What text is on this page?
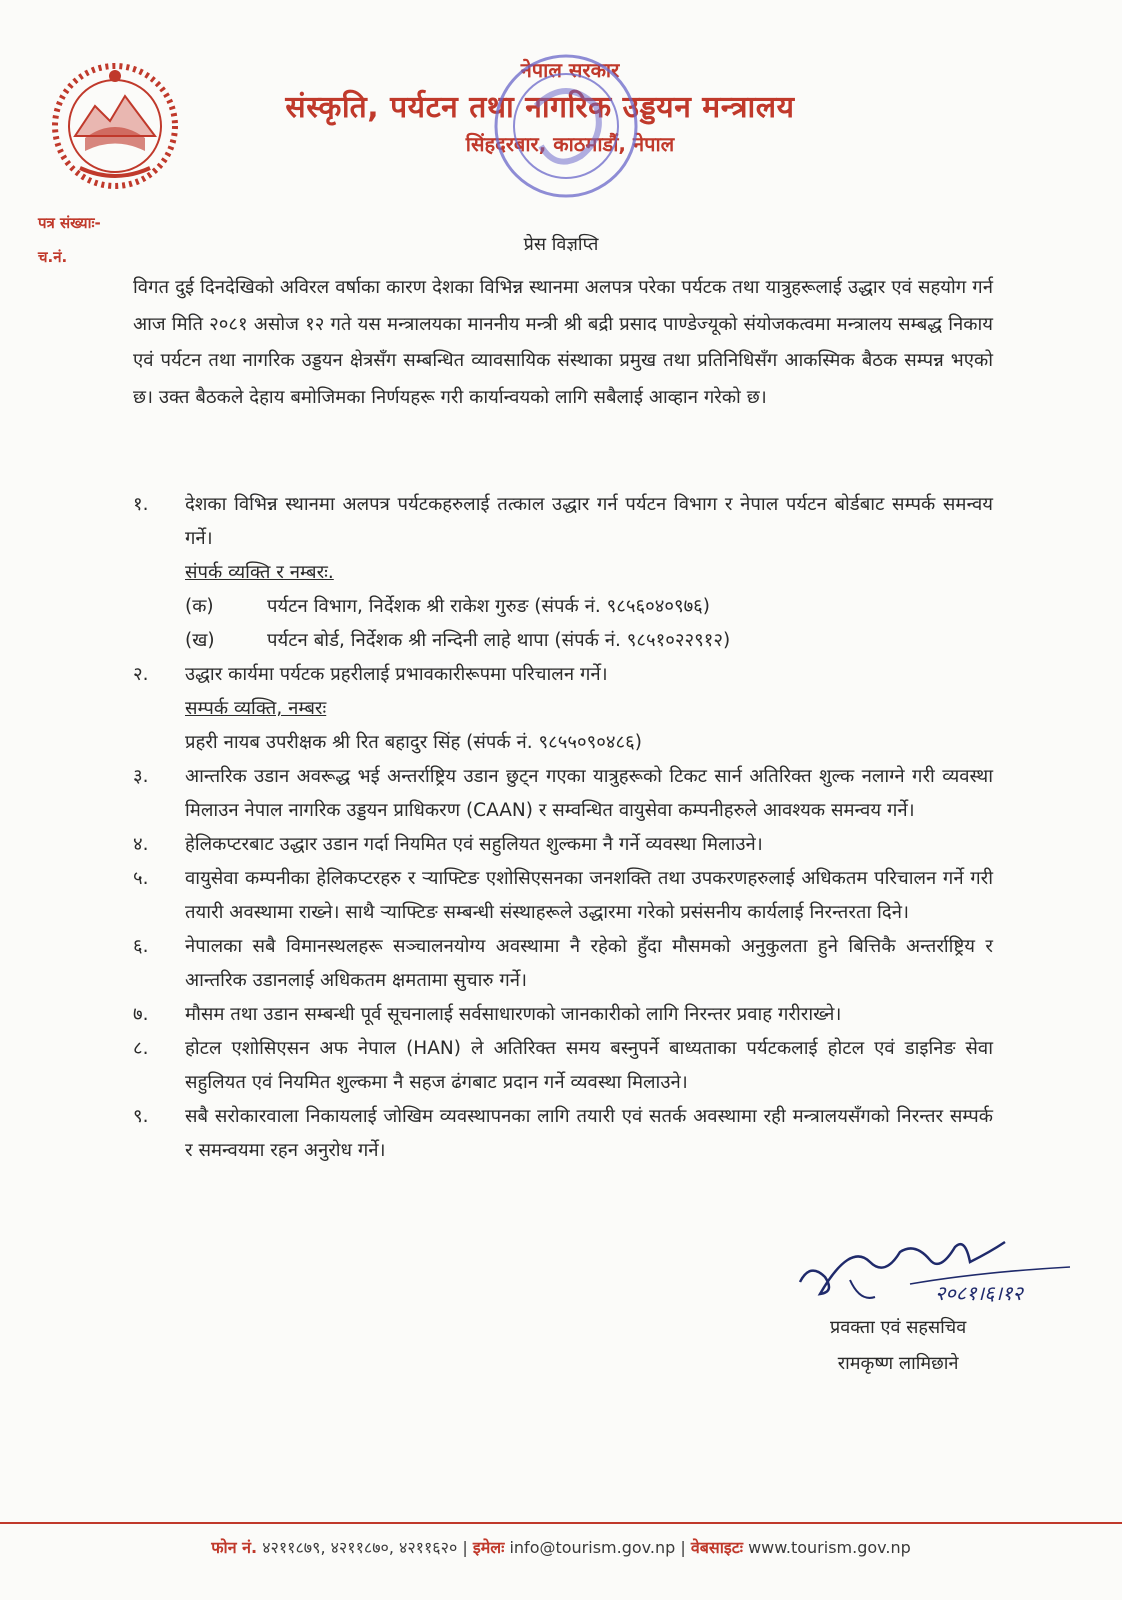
नेपाल सरकार
संस्कृति, पर्यटन तथा नागरिक उड्डयन मन्त्रालय
सिंहदरबार, काठमाडौं, नेपाल
पत्र संख्याः-
च.नं.
प्रेस विज्ञप्ति

विगत दुई दिनदेखिको अविरल वर्षाका कारण देशका विभिन्न स्थानमा अलपत्र परेका पर्यटक तथा यात्रुहरूलाई उद्धार एवं सहयोग गर्न आज मिति २०८१ असोज १२ गते यस मन्त्रालयका माननीय मन्त्री श्री बद्री प्रसाद पाण्डेज्यूको संयोजकत्वमा मन्त्रालय सम्बद्ध निकाय एवं पर्यटन तथा नागरिक उड्डयन क्षेत्रसँग सम्बन्धित व्यावसायिक संस्थाका प्रमुख तथा प्रतिनिधिसँग आकस्मिक बैठक सम्पन्न भएको छ। उक्त बैठकले देहाय बमोजिमका निर्णयहरू गरी कार्यान्वयको लागि सबैलाई आव्हान गरेको छ।

१.	देशका विभिन्न स्थानमा अलपत्र पर्यटकहरुलाई तत्काल उद्धार गर्न पर्यटन विभाग र नेपाल पर्यटन बोर्डबाट सम्पर्क समन्वय गर्ने।
संपर्क व्यक्ति र नम्बरः.
(क)	पर्यटन विभाग, निर्देशक श्री राकेश गुरुङ (संपर्क नं. ९८५६०४०९७६)
(ख)	पर्यटन बोर्ड, निर्देशक श्री नन्दिनी लाहे थापा (संपर्क नं. ९८५१०२२९१२)
२.	उद्धार कार्यमा पर्यटक प्रहरीलाई प्रभावकारीरूपमा परिचालन गर्ने।
सम्पर्क व्यक्ति, नम्बरः
प्रहरी नायब उपरीक्षक श्री रित बहादुर सिंह (संपर्क नं. ९८५५०९०४८६)
३.	आन्तरिक उडान अवरूद्ध भई अन्तर्राष्ट्रिय उडान छुट्न गएका यात्रुहरूको टिकट सार्न अतिरिक्त शुल्क नलाग्ने गरी व्यवस्था मिलाउन नेपाल नागरिक उड्डयन प्राधिकरण (CAAN) र सम्वन्धित वायुसेवा कम्पनीहरुले आवश्यक समन्वय गर्ने।
४.	हेलिकप्टरबाट उद्धार उडान गर्दा नियमित एवं सहुलियत शुल्कमा नै गर्ने व्यवस्था मिलाउने।
५.	वायुसेवा कम्पनीका हेलिकप्टरहरु र र्‍याफ्टिङ एशोसिएसनका जनशक्ति तथा उपकरणहरुलाई अधिकतम परिचालन गर्ने गरी तयारी अवस्थामा राख्ने। साथै र्‍याफ्टिङ सम्बन्धी संस्थाहरूले उद्धारमा गरेको प्रसंसनीय कार्यलाई निरन्तरता दिने।
६.	नेपालका सबै विमानस्थलहरू सञ्चालनयोग्य अवस्थामा नै रहेको हुँदा मौसमको अनुकुलता हुने बित्तिकै अन्तर्राष्ट्रिय र आन्तरिक उडानलाई अधिकतम क्षमतामा सुचारु गर्ने।
७.	मौसम तथा उडान सम्बन्धी पूर्व सूचनालाई सर्वसाधारणको जानकारीको लागि निरन्तर प्रवाह गरीराख्ने।
८.	होटल एशोसिएसन अफ नेपाल (HAN) ले अतिरिक्त समय बस्नुपर्ने बाध्यताका पर्यटकलाई होटल एवं डाइनिङ सेवा सहुलियत एवं नियमित शुल्कमा नै सहज ढंगबाट प्रदान गर्ने व्यवस्था मिलाउने।
९.	सबै सरोकारवाला निकायलाई जोखिम व्यवस्थापनका लागि तयारी एवं सतर्क अवस्थामा रही मन्त्रालयसँगको निरन्तर सम्पर्क र समन्वयमा रहन अनुरोध गर्ने।
२०८१।६।१२
प्रवक्ता एवं सहसचिव
रामकृष्ण लामिछाने
फोन नं. ४२११८७९, ४२११८७०, ४२११६२० | इमेलः info@tourism.gov.np | वेबसाइटः www.tourism.gov.np
